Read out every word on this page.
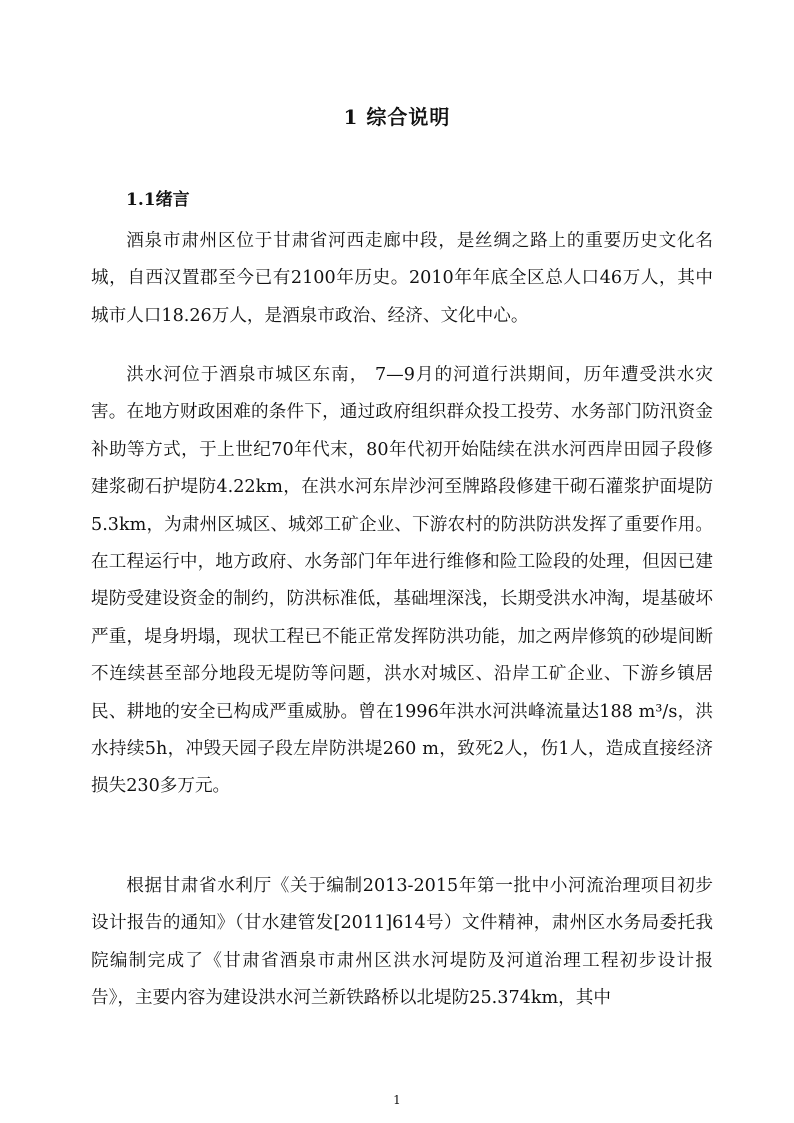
1 综合说明
1.1绪言

酒泉市肃州区位于甘肃省河西走廊中段，是丝绸之路上的重要历史文化名城，自西汉置郡至今已有2100年历史。2010年年底全区总人口46万人，其中城市人口18.26万人，是酒泉市政治、经济、文化中心。

洪水河位于酒泉市城区东南， 7—9月的河道行洪期间，历年遭受洪水灾害。在地方财政困难的条件下，通过政府组织群众投工投劳、水务部门防汛资金补助等方式，于上世纪70年代末，80年代初开始陆续在洪水河西岸田园子段修建浆砌石护堤防4.22km，在洪水河东岸沙河至牌路段修建干砌石灌浆护面堤防5.3km，为肃州区城区、城郊工矿企业、下游农村的防洪防洪发挥了重要作用。在工程运行中，地方政府、水务部门年年进行维修和险工险段的处理，但因已建堤防受建设资金的制约，防洪标准低，基础埋深浅，长期受洪水冲淘，堤基破坏严重，堤身坍塌，现状工程已不能正常发挥防洪功能，加之两岸修筑的砂堤间断不连续甚至部分地段无堤防等问题，洪水对城区、沿岸工矿企业、下游乡镇居民、耕地的安全已构成严重威胁。曾在1996年洪水河洪峰流量达188 m³/s，洪水持续5h，冲毁天园子段左岸防洪堤260 m，致死2人，伤1人，造成直接经济损失230多万元。

根据甘肃省水利厅《关于编制2013-2015年第一批中小河流治理项目初步设计报告的通知》（甘水建管发[2011]614号）文件精神，肃州区水务局委托我院编制完成了《甘肃省酒泉市肃州区洪水河堤防及河道治理工程初步设计报告》，主要内容为建设洪水河兰新铁路桥以北堤防25.374km，其中

1
